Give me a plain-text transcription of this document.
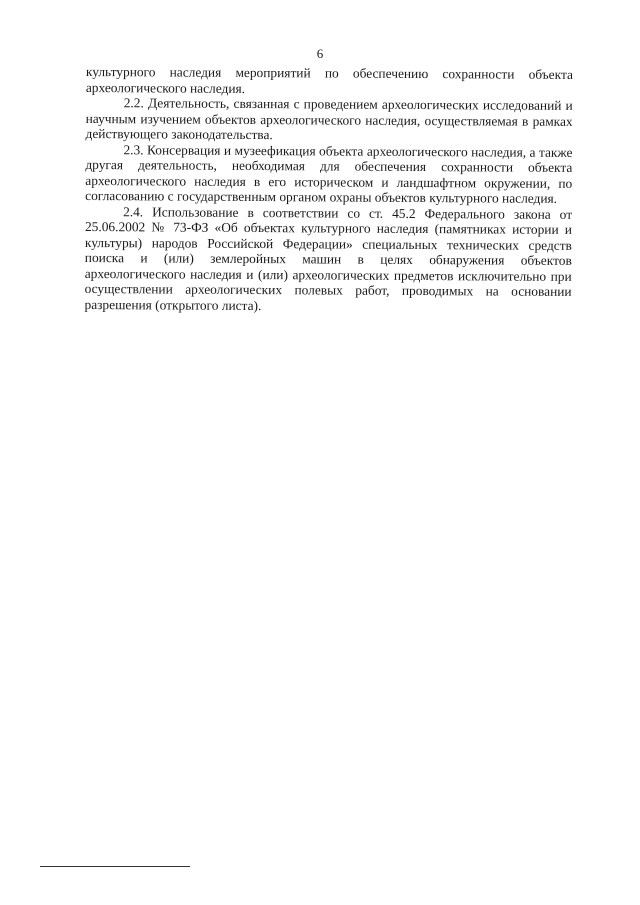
6

культурного наследия мероприятий по обеспечению сохранности объекта археологического наследия.

2.2. Деятельность, связанная с проведением археологических исследований и научным изучением объектов археологического наследия, осуществляемая в рамках действующего законодательства.

2.3. Консервация и музеефикация объекта археологического наследия, а также другая деятельность, необходимая для обеспечения сохранности объекта археологического наследия в его историческом и ландшафтном окружении, по согласованию с государственным органом охраны объектов культурного наследия.

2.4. Использование в соответствии со ст. 45.2 Федерального закона от 25.06.2002 № 73-ФЗ «Об объектах культурного наследия (памятниках истории и культуры) народов Российской Федерации» специальных технических средств поиска и (или) землеройных машин в целях обнаружения объектов археологического наследия и (или) археологических предметов исключительно при осуществлении археологических полевых работ, проводимых на основании разрешения (открытого листа).
